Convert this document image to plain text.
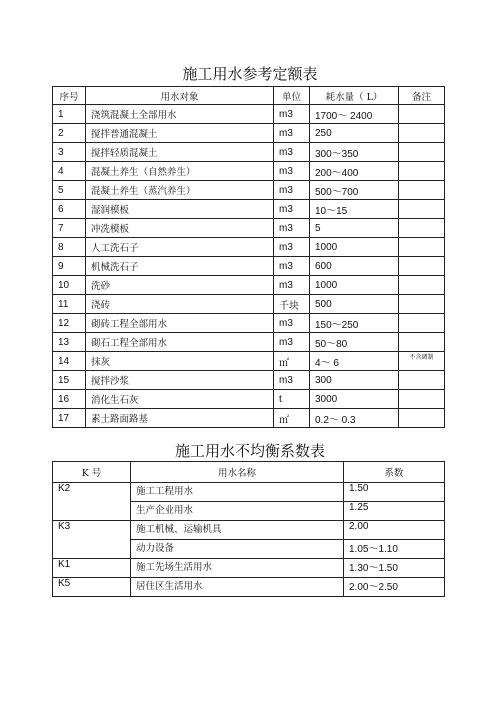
施工用水参考定额表
序号	用水对象	单位	耗水量（ L）	备注
1	浇筑混凝土全部用水	m3	1700～ 2400	
2	搅拌普通混凝土	m3	250	
3	搅拌轻质混凝土	m3	300～350	
4	混凝土养生（自然养生）	m3	200～400	
5	混凝土养生（蒸汽养生）	m3	500～700	
6	湿润模板	m3	10～15	
7	冲洗模板	m3	5	
8	人工洗石子	m3	1000	
9	机械洗石子	m3	600	
10	洗砂	m3	1000	
11	浇砖	千块	500	
12	砌砖工程全部用水	m3	150～250	
13	砌石工程全部用水	m3	50～80	
14	抹灰	㎡	4～ 6	不含调制
15	搅拌沙浆	m3	300	
16	消化生石灰	t	3000	
17	素土路面路基	㎡	0.2～ 0.3	
施工用水不均衡系数表
K 号	用水名称	系数
K2	施工工程用水	1.50
	生产企业用水	1.25
K3	施工机械、运输机具	2.00
	动力设备	1.05～1.10
K1	施工先场生活用水	1.30～1.50
K5	居住区生活用水	2.00～2.50
